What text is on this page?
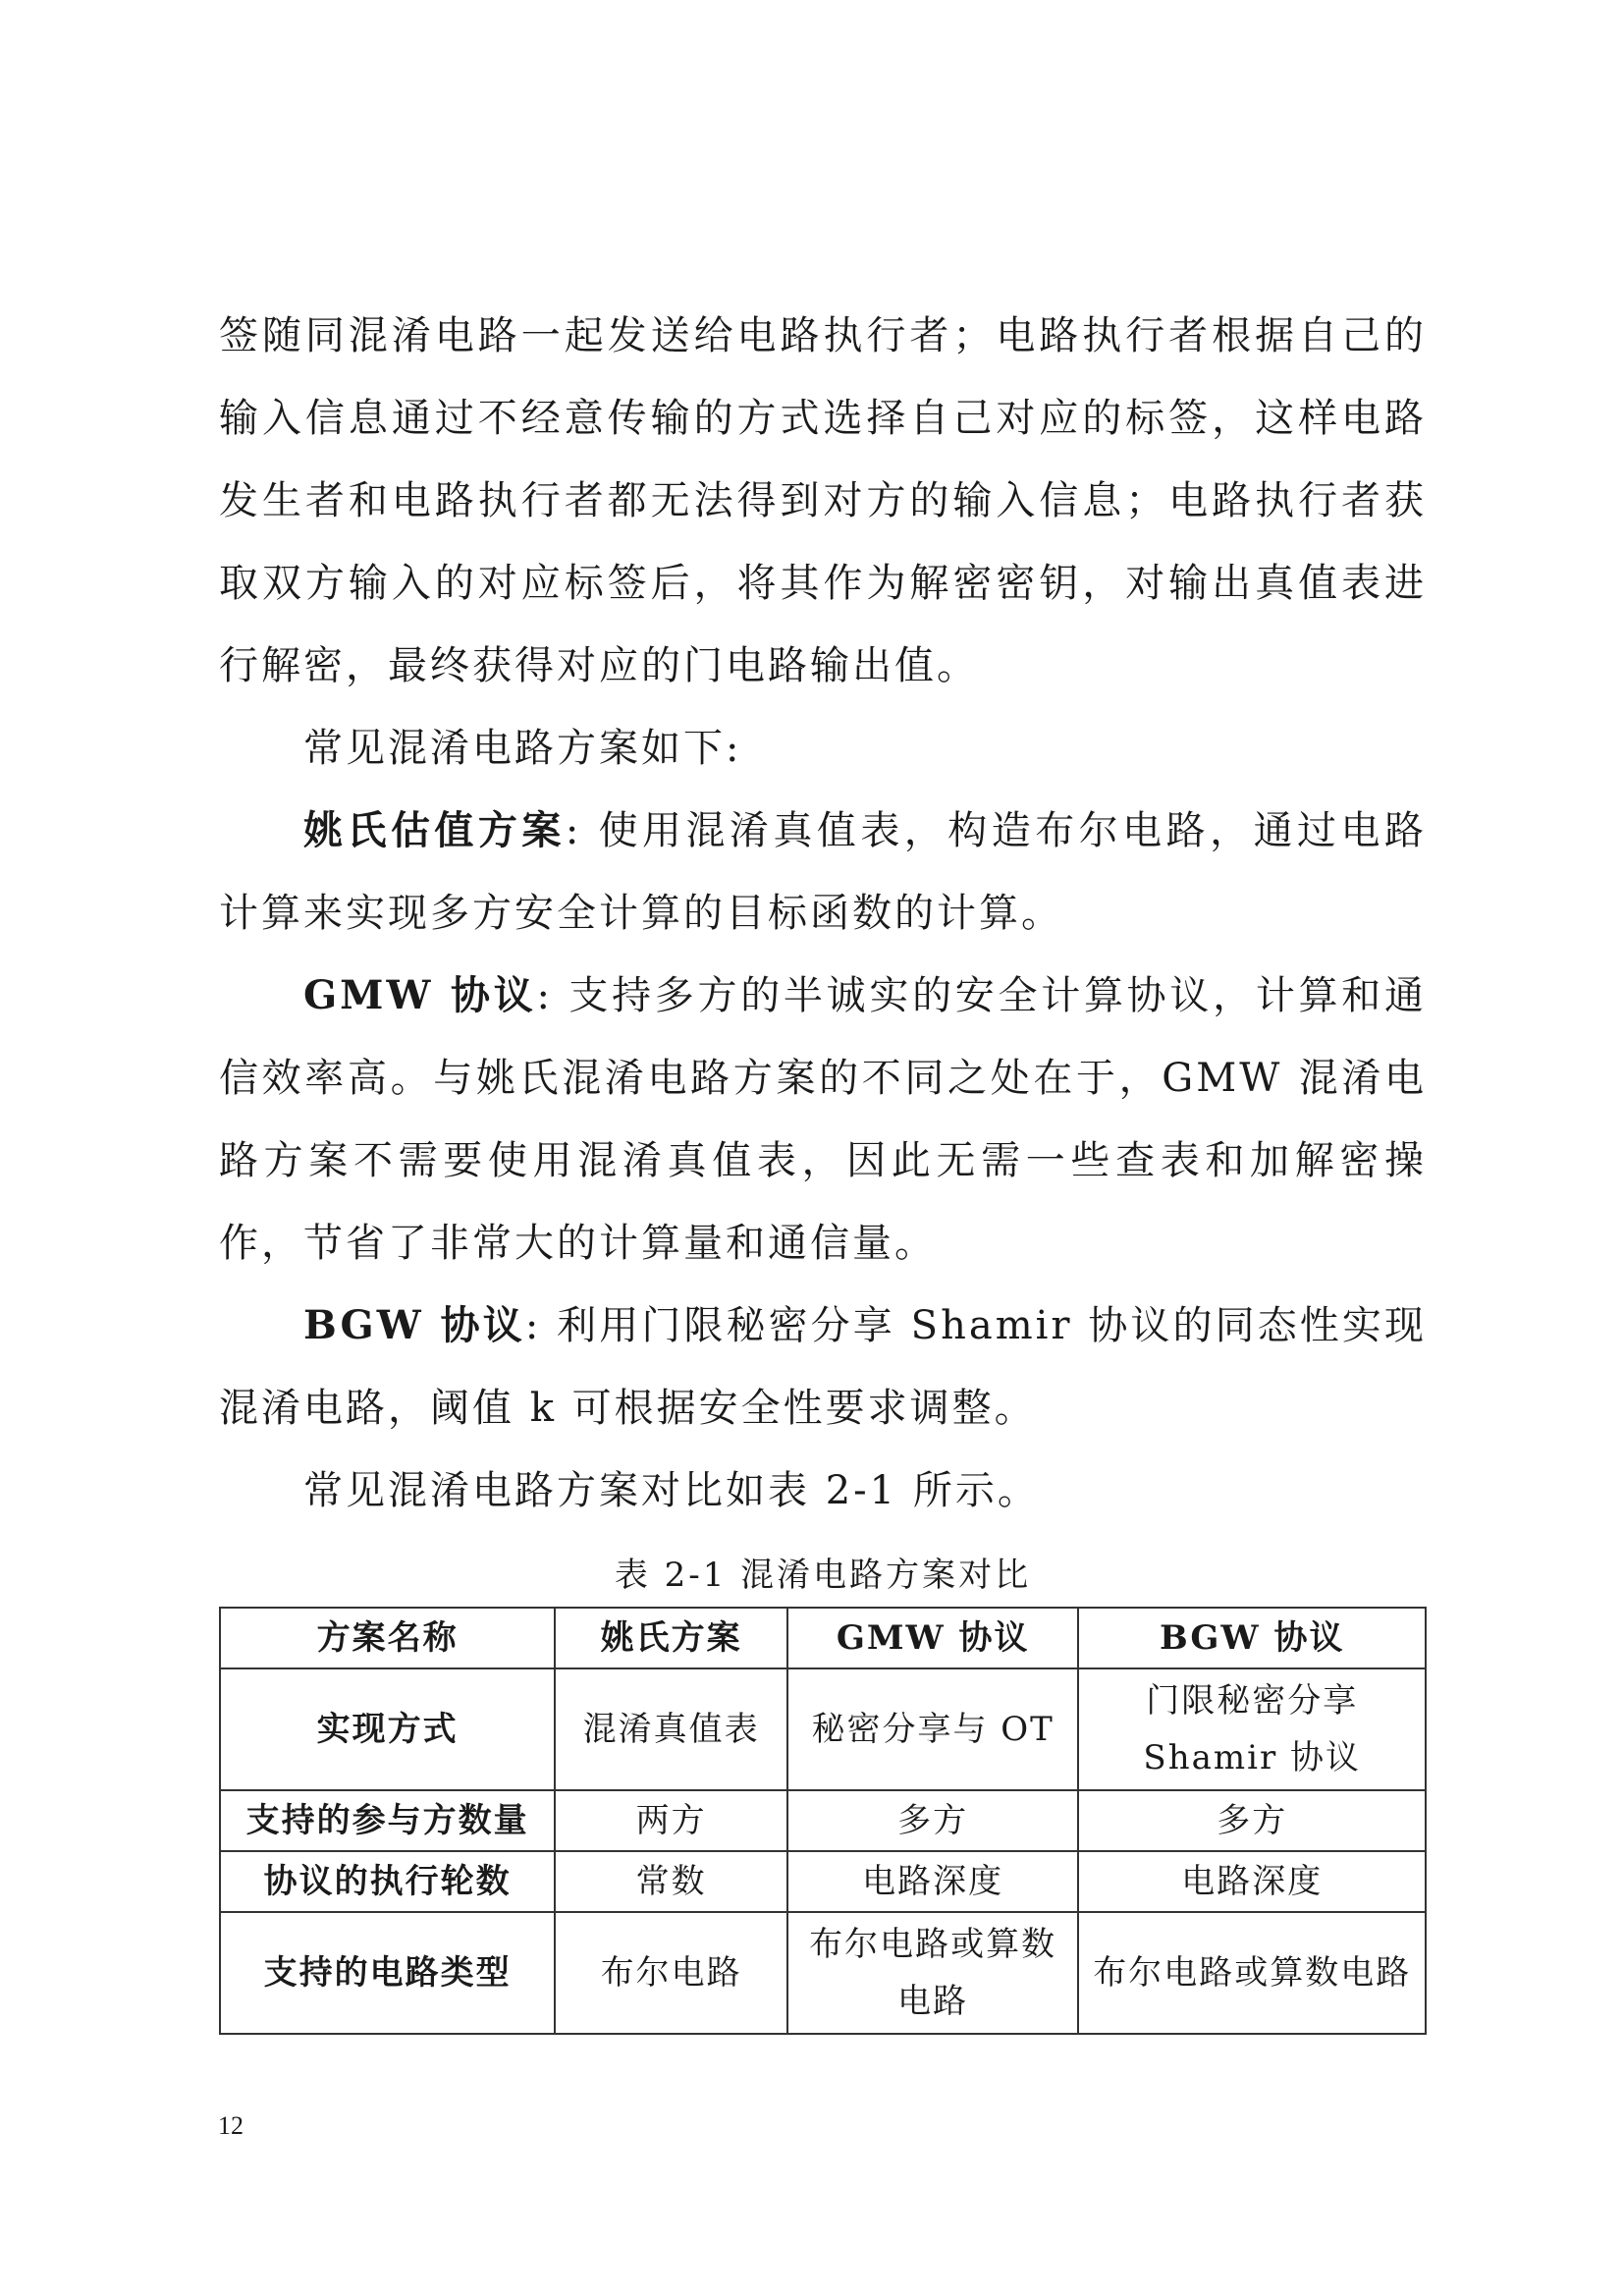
签随同混淆电路一起发送给电路执行者；电路执行者根据自己的输入信息通过不经意传输的方式选择自己对应的标签，这样电路发生者和电路执行者都无法得到对方的输入信息；电路执行者获取双方输入的对应标签后，将其作为解密密钥，对输出真值表进行解密，最终获得对应的门电路输出值。

常见混淆电路方案如下:

姚氏估值方案: 使用混淆真值表，构造布尔电路，通过电路计算来实现多方安全计算的目标函数的计算。

GMW 协议: 支持多方的半诚实的安全计算协议，计算和通信效率高。与姚氏混淆电路方案的不同之处在于，GMW 混淆电路方案不需要使用混淆真值表，因此无需一些查表和加解密操作，节省了非常大的计算量和通信量。

BGW 协议: 利用门限秘密分享 Shamir 协议的同态性实现混淆电路，阈值 k 可根据安全性要求调整。

常见混淆电路方案对比如表 2-1 所示。

表 2-1 混淆电路方案对比
方案名称	姚氏方案	GMW 协议	BGW 协议
实现方式	混淆真值表	秘密分享与 OT	门限秘密分享 Shamir 协议
支持的参与方数量	两方	多方	多方
协议的执行轮数	常数	电路深度	电路深度
支持的电路类型	布尔电路	布尔电路或算数电路	布尔电路或算数电路
12
